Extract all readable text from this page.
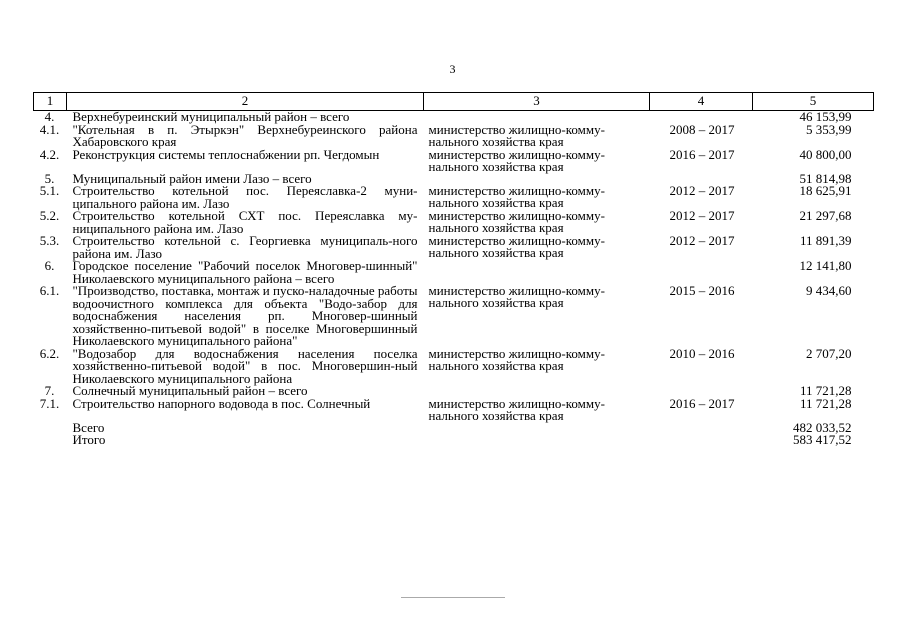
3
1	2	3	4	5
4.	Верхнебуреинский муниципальный район – всего			46 153,99
4.1.	"Котельная в п. Этыркэн" Верхнебуреинского района Хабаровского края	министерство жилищно-комму-нального хозяйства края	2008 – 2017	5 353,99
4.2.	Реконструкция системы теплоснабжении рп. Чегдомын	министерство жилищно-комму-нального хозяйства края	2016 – 2017	40 800,00
5.	Муниципальный район имени Лазо – всего			51 814,98
5.1.	Строительство котельной пос. Переяславка-2 муни-ципального района им. Лазо	министерство жилищно-комму-нального хозяйства края	2012 – 2017	18 625,91
5.2.	Строительство котельной СХТ пос. Переяславка му-ниципального района им. Лазо	министерство жилищно-комму-нального хозяйства края	2012 – 2017	21 297,68
5.3.	Строительство котельной с. Георгиевка муниципаль-ного района им. Лазо	министерство жилищно-комму-нального хозяйства края	2012 – 2017	11 891,39
6.	Городское поселение "Рабочий поселок Многовер-шинный" Николаевского муниципального района – всего			12 141,80
6.1.	"Производство, поставка, монтаж и пуско-наладочные работы водоочистного комплекса для объекта "Водо-забор для водоснабжения населения рп. Многовер-шинный хозяйственно-питьевой водой" в поселке Многовершинный Николаевского муниципального района"	министерство жилищно-комму-нального хозяйства края	2015 – 2016	9 434,60
6.2.	"Водозабор для водоснабжения населения поселка хозяйственно-питьевой водой" в пос. Многовершин-ный Николаевского муниципального района	министерство жилищно-комму-нального хозяйства края	2010 – 2016	2 707,20
7.	Солнечный муниципальный район – всего			11 721,28
7.1.	Строительство напорного водовода в пос. Солнечный	министерство жилищно-комму-нального хозяйства края	2016 – 2017	11 721,28
	Всего			482 033,52
	Итого			583 417,52
